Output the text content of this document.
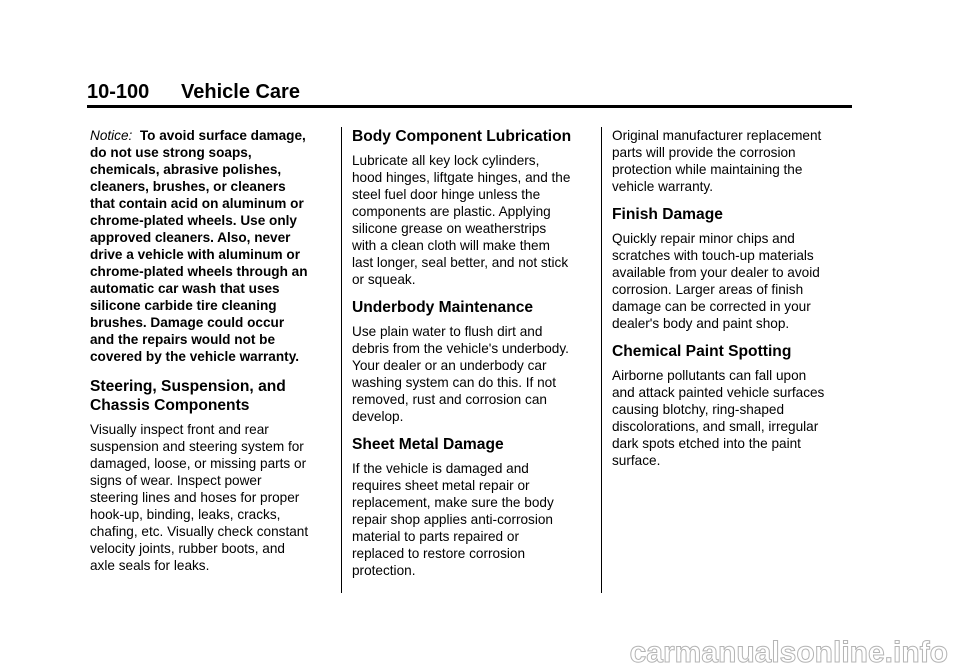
10-100 Vehicle Care

Notice: To avoid surface damage,
do not use strong soaps,
chemicals, abrasive polishes,
cleaners, brushes, or cleaners
that contain acid on aluminum or
chrome-plated wheels. Use only
approved cleaners. Also, never
drive a vehicle with aluminum or
chrome-plated wheels through an
automatic car wash that uses
silicone carbide tire cleaning
brushes. Damage could occur
and the repairs would not be
covered by the vehicle warranty.

Steering, Suspension, and
Chassis Components

Visually inspect front and rear
suspension and steering system for
damaged, loose, or missing parts or
signs of wear. Inspect power
steering lines and hoses for proper
hook-up, binding, leaks, cracks,
chafing, etc. Visually check constant
velocity joints, rubber boots, and
axle seals for leaks.

Body Component Lubrication

Lubricate all key lock cylinders,
hood hinges, liftgate hinges, and the
steel fuel door hinge unless the
components are plastic. Applying
silicone grease on weatherstrips
with a clean cloth will make them
last longer, seal better, and not stick
or squeak.

Underbody Maintenance

Use plain water to flush dirt and
debris from the vehicle's underbody.
Your dealer or an underbody car
washing system can do this. If not
removed, rust and corrosion can
develop.

Sheet Metal Damage

If the vehicle is damaged and
requires sheet metal repair or
replacement, make sure the body
repair shop applies anti-corrosion
material to parts repaired or
replaced to restore corrosion
protection.

Original manufacturer replacement
parts will provide the corrosion
protection while maintaining the
vehicle warranty.

Finish Damage

Quickly repair minor chips and
scratches with touch-up materials
available from your dealer to avoid
corrosion. Larger areas of finish
damage can be corrected in your
dealer's body and paint shop.

Chemical Paint Spotting

Airborne pollutants can fall upon
and attack painted vehicle surfaces
causing blotchy, ring-shaped
discolorations, and small, irregular
dark spots etched into the paint
surface.

carmanualsonline.info
